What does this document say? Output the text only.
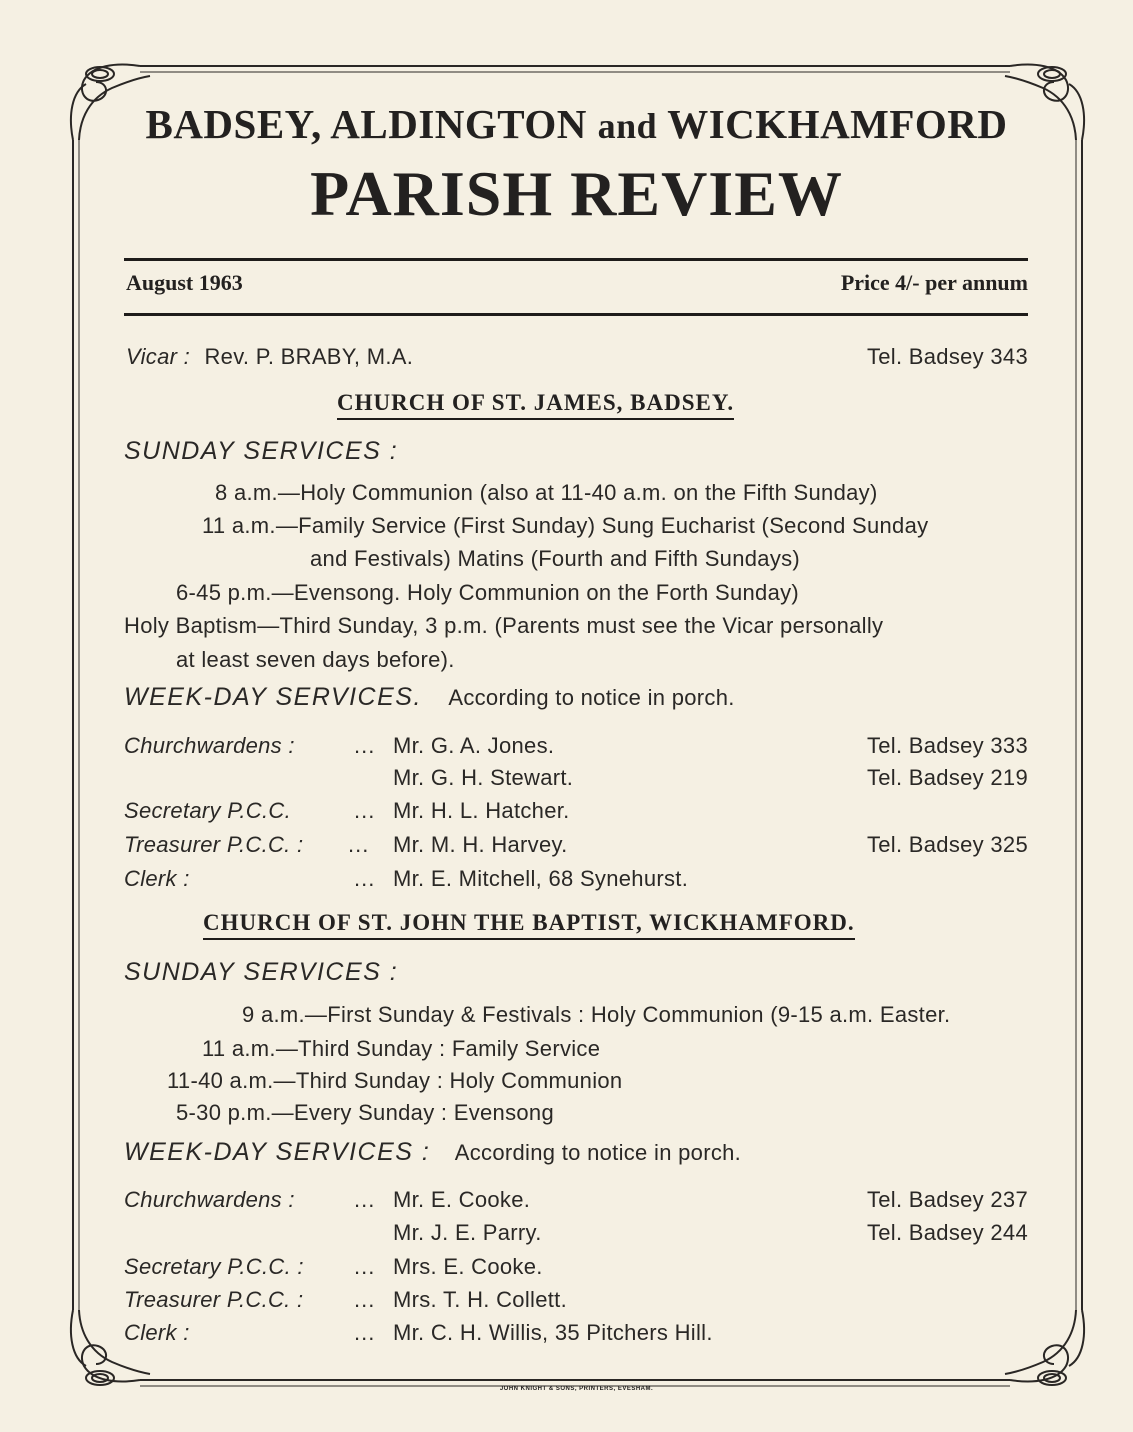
BADSEY, ALDINGTON and WICKHAMFORD
PARISH REVIEW
August 1963	Price 4/- per annum
Vicar : Rev. P. BRABY, M.A.	Tel. Badsey 343
CHURCH OF ST. JAMES, BADSEY.
SUNDAY SERVICES :
8 a.m.—Holy Communion (also at 11-40 a.m. on the Fifth Sunday)
11 a.m.—Family Service (First Sunday) Sung Eucharist (Second Sunday
and Festivals) Matins (Fourth and Fifth Sundays)
6-45 p.m.—Evensong. Holy Communion on the Forth Sunday)
Holy Baptism—Third Sunday, 3 p.m. (Parents must see the Vicar personally
at least seven days before).
WEEK-DAY SERVICES. According to notice in porch.
Churchwardens :	... Mr. G. A. Jones.	Tel. Badsey 333
Mr. G. H. Stewart.	Tel. Badsey 219
Secretary P.C.C.	... Mr. H. L. Hatcher.
Treasurer P.C.C. : ... Mr. M. H. Harvey.	Tel. Badsey 325
Clerk :	... Mr. E. Mitchell, 68 Synehurst.
CHURCH OF ST. JOHN THE BAPTIST, WICKHAMFORD.
SUNDAY SERVICES :
9 a.m.—First Sunday & Festivals : Holy Communion (9-15 a.m. Easter.
11 a.m.—Third Sunday : Family Service
11-40 a.m.—Third Sunday : Holy Communion
5-30 p.m.—Every Sunday : Evensong
WEEK-DAY SERVICES : According to notice in porch.
Churchwardens :	... Mr. E. Cooke.	Tel. Badsey 237
Mr. J. E. Parry.	Tel. Badsey 244
Secretary P.C.C. : ... Mrs. E. Cooke.
Treasurer P.C.C. : ... Mrs. T. H. Collett.
Clerk :	... Mr. C. H. Willis, 35 Pitchers Hill.
JOHN KNIGHT & SONS, PRINTERS, EVESHAM.
